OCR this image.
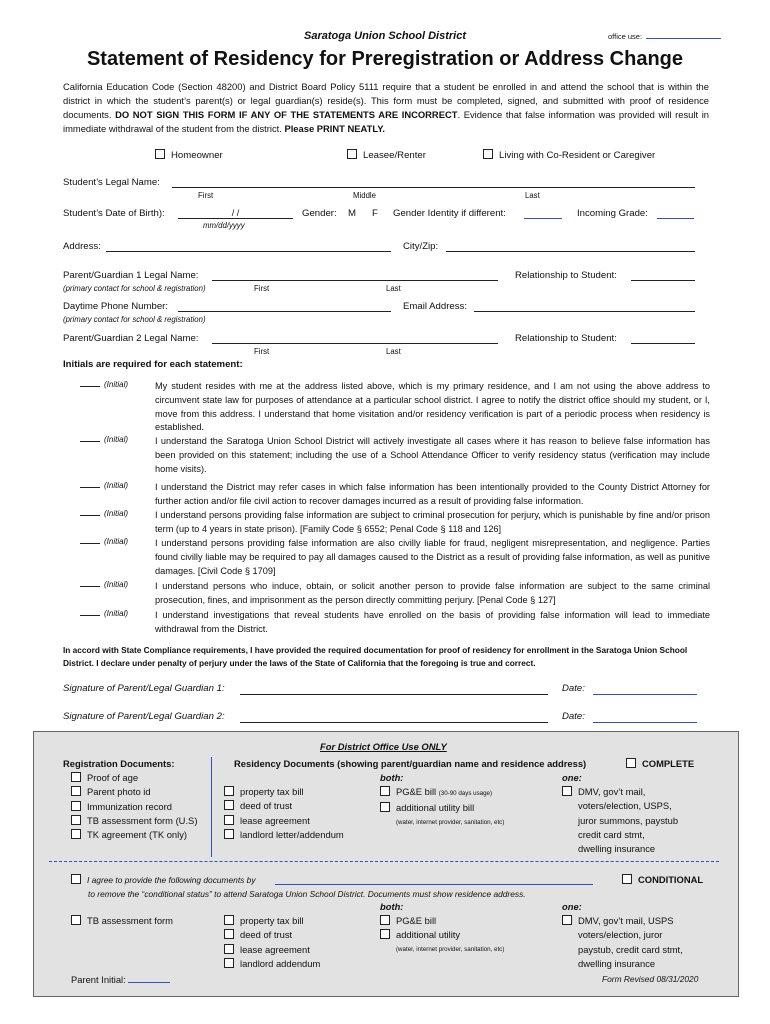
Saratoga Union School District	office use:
Statement of Residency for Preregistration or Address Change
California Education Code (Section 48200) and District Board Policy 5111 require that a student be enrolled in and attend the school that is within the district in which the student’s parent(s) or legal guardian(s) reside(s). This form must be completed, signed, and submitted with proof of residence documents. DO NOT SIGN THIS FORM IF ANY OF THE STATEMENTS ARE INCORRECT. Evidence that false information was provided will result in immediate withdrawal of the student from the district. Please PRINT NEATLY.
Homeowner	Leasee/Renter	Living with Co-Resident or Caregiver
Student’s Legal Name:
First	Middle	Last
Student’s Date of Birth):	/ /
mm/dd/yyyy
Gender: M F Gender Identity if different:	Incoming Grade:
Address:	City/Zip:
Parent/Guardian 1 Legal Name:	Relationship to Student:
(primary contact for school & registration)	First	Last
Daytime Phone Number:	Email Address:
(primary contact for school & registration)
Parent/Guardian 2 Legal Name:	Relationship to Student:
First	Last
Initials are required for each statement:
(Initial)	My student resides with me at the address listed above, which is my primary residence, and I am not using the above address to circumvent state law for purposes of attendance at a particular school district. I agree to notify the district office should my student, or I, move from this address. I understand that home visitation and/or residency verification is part of a periodic process when residency is established.
(Initial)	I understand the Saratoga Union School District will actively investigate all cases where it has reason to believe false information has been provided on this statement; including the use of a School Attendance Officer to verify residency status (verification may include home visits).
(Initial)	I understand the District may refer cases in which false information has been intentionally provided to the County District Attorney for further action and/or file civil action to recover damages incurred as a result of providing false information.
(Initial)	I understand persons providing false information are subject to criminal prosecution for perjury, which is punishable by fine and/or prison term (up to 4 years in state prison). [Family Code § 6552; Penal Code § 118 and 126]
(Initial)	I understand persons providing false information are also civilly liable for fraud, negligent misrepresentation, and negligence. Parties found civilly liable may be required to pay all damages caused to the District as a result of providing false information, as well as punitive damages. [Civil Code § 1709]
(Initial)	I understand persons who induce, obtain, or solicit another person to provide false information are subject to the same criminal prosecution, fines, and imprisonment as the person directly committing perjury. [Penal Code § 127]
(Initial)	I understand investigations that reveal students have enrolled on the basis of providing false information will lead to immediate withdrawal from the District.
In accord with State Compliance requirements, I have provided the required documentation for proof of residency for enrollment in the Saratoga Union School District. I declare under penalty of perjury under the laws of the State of California that the foregoing is true and correct.
Signature of Parent/Legal Guardian 1:	Date:
Signature of Parent/Legal Guardian 2:	Date:
For District Office Use ONLY
Registration Documents:
Proof of age
Parent photo id
Immunization record
TB assessment form (U.S)
TK agreement (TK only)
Residency Documents (showing parent/guardian name and residence address)	COMPLETE
both:	one:
property tax bill
deed of trust
lease agreement
landlord letter/addendum
PG&E bill (30-90 days usage)
additional utility bill
(water, internet provider, sanitation, etc)
DMV, gov’t mail,
voters/election, USPS,
juror summons, paystub
credit card stmt,
dwelling insurance
I agree to provide the following documents by
to remove the “conditional status” to attend Saratoga Union School District. Documents must show residence address.
CONDITIONAL
both:	one:
TB assessment form	property tax bill
deed of trust
lease agreement
landlord addendum
PG&E bill
additional utility
(water, internet provider, sanitation, etc)
DMV, gov’t mail, USPS
voters/election, juror
paystub, credit card stmt,
dwelling insurance
Parent Initial:	Form Revised 08/31/2020
